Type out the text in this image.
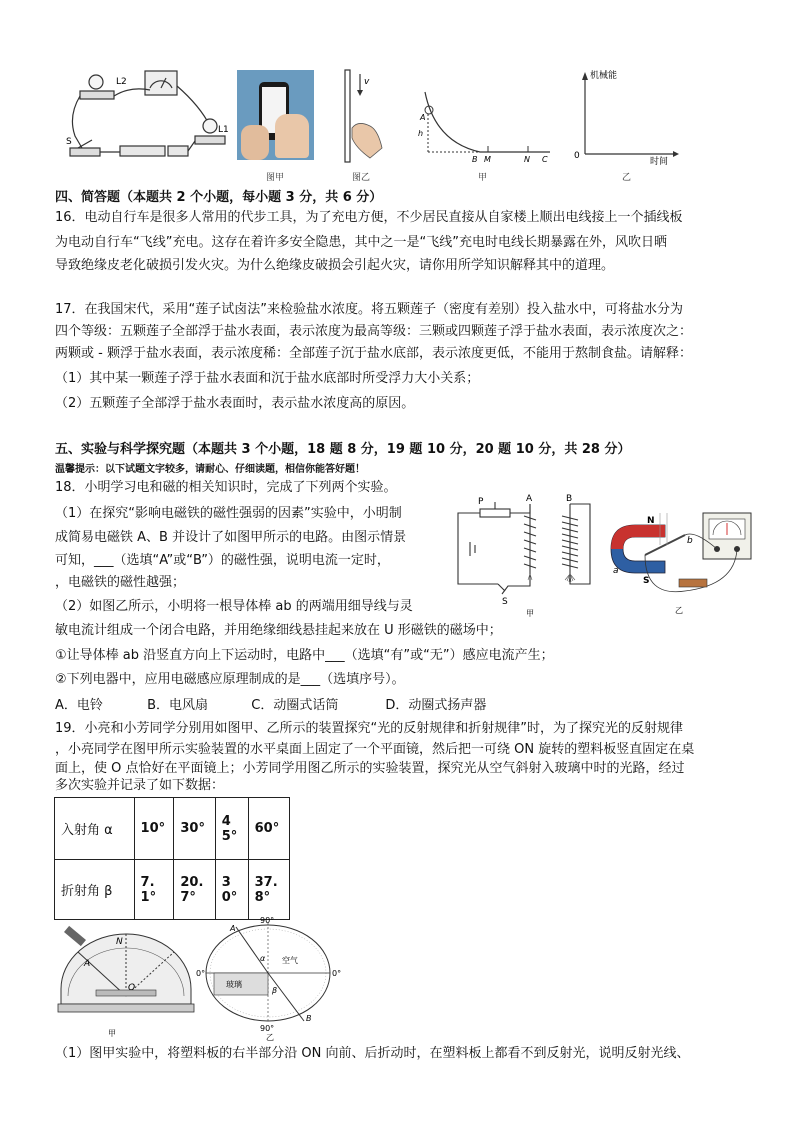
L2
L1
S
图甲
v
图乙
A
h
B M	N C
甲
机械能
时间
0
乙
四、简答题（本题共 2 个小题，每小题 3 分，共 6 分）
16．电动自行车是很多人常用的代步工具，为了充电方便，不少居民直接从自家楼上顺出电线接上一个插线板
为电动自行车“飞线”充电。这存在着许多安全隐患，其中之一是“飞线”充电时电线长期暴露在外，风吹日晒
导致绝缘皮老化破损引发火灾。为什么绝缘皮破损会引起火灾，请你用所学知识解释其中的道理。
17．在我国宋代，采用“莲子试卤法”来检验盐水浓度。将五颗莲子（密度有差别）投入盐水中，可将盐水分为
四个等级：五颗莲子全部浮于盐水表面，表示浓度为最高等级：三颗或四颗莲子浮于盐水表面，表示浓度次之：
两颗或 - 颗浮于盐水表面，表示浓度稀：全部莲子沉于盐水底部，表示浓度更低，不能用于熬制食盐。请解释：
（1）其中某一颗莲子浮于盐水表面和沉于盐水底部时所受浮力大小关系；
（2）五颗莲子全部浮于盐水表面时，表示盐水浓度高的原因。
五、实验与科学探究题（本题共 3 个小题，18 题 8 分，19 题 10 分，20 题 10 分，共 28 分）
温馨提示：以下试题文字较多，请耐心、仔细读题，相信你能答好题！
18．小明学习电和磁的相关知识时，完成了下列两个实验。
（1）在探究“影响电磁铁的磁性强弱的因素”实验中，小明制
成简易电磁铁 A、B 并设计了如图甲所示的电路。由图示情景
可知，___（选填“A”或“B”）的磁性强，说明电流一定时，
，电磁铁的磁性越强；
（2）如图乙所示，小明将一根导体棒 ab 的两端用细导线与灵
敏电流计组成一个闭合电路，并用绝缘细线悬挂起来放在 U 形磁铁的磁场中；
①让导体棒 ab 沿竖直方向上下运动时，电路中___（选填“有”或“无”）感应电流产生；
②下列电器中，应用电磁感应原理制成的是___（选填序号）。
A．电铃	B．电风扇	C．动圈式话筒	D．动圈式扬声器
P	A	B
S
甲
N
S
b
a
乙
19．小亮和小芳同学分别用如图甲、乙所示的装置探究“光的反射规律和折射规律”时，为了探究光的反射规律
，小亮同学在图甲所示实验装置的水平桌面上固定了一个平面镜，然后把一可绕 ON 旋转的塑料板竖直固定在桌
面上，使 O 点恰好在平面镜上；小芳同学用图乙所示的实验装置，探究光从空气斜射入玻璃中时的光路，经过
多次实验并记录了如下数据：
入射角 α	10°	30°	45°	60°
折射角 β	7.1°	20.7°	30°	37.8°
N
A
O
甲
90°
90°
0°	0°
空气
玻璃
α
β
A
B
乙
（1）图甲实验中，将塑料板的右半部分沿 ON 向前、后折动时，在塑料板上都看不到反射光，说明反射光线、
